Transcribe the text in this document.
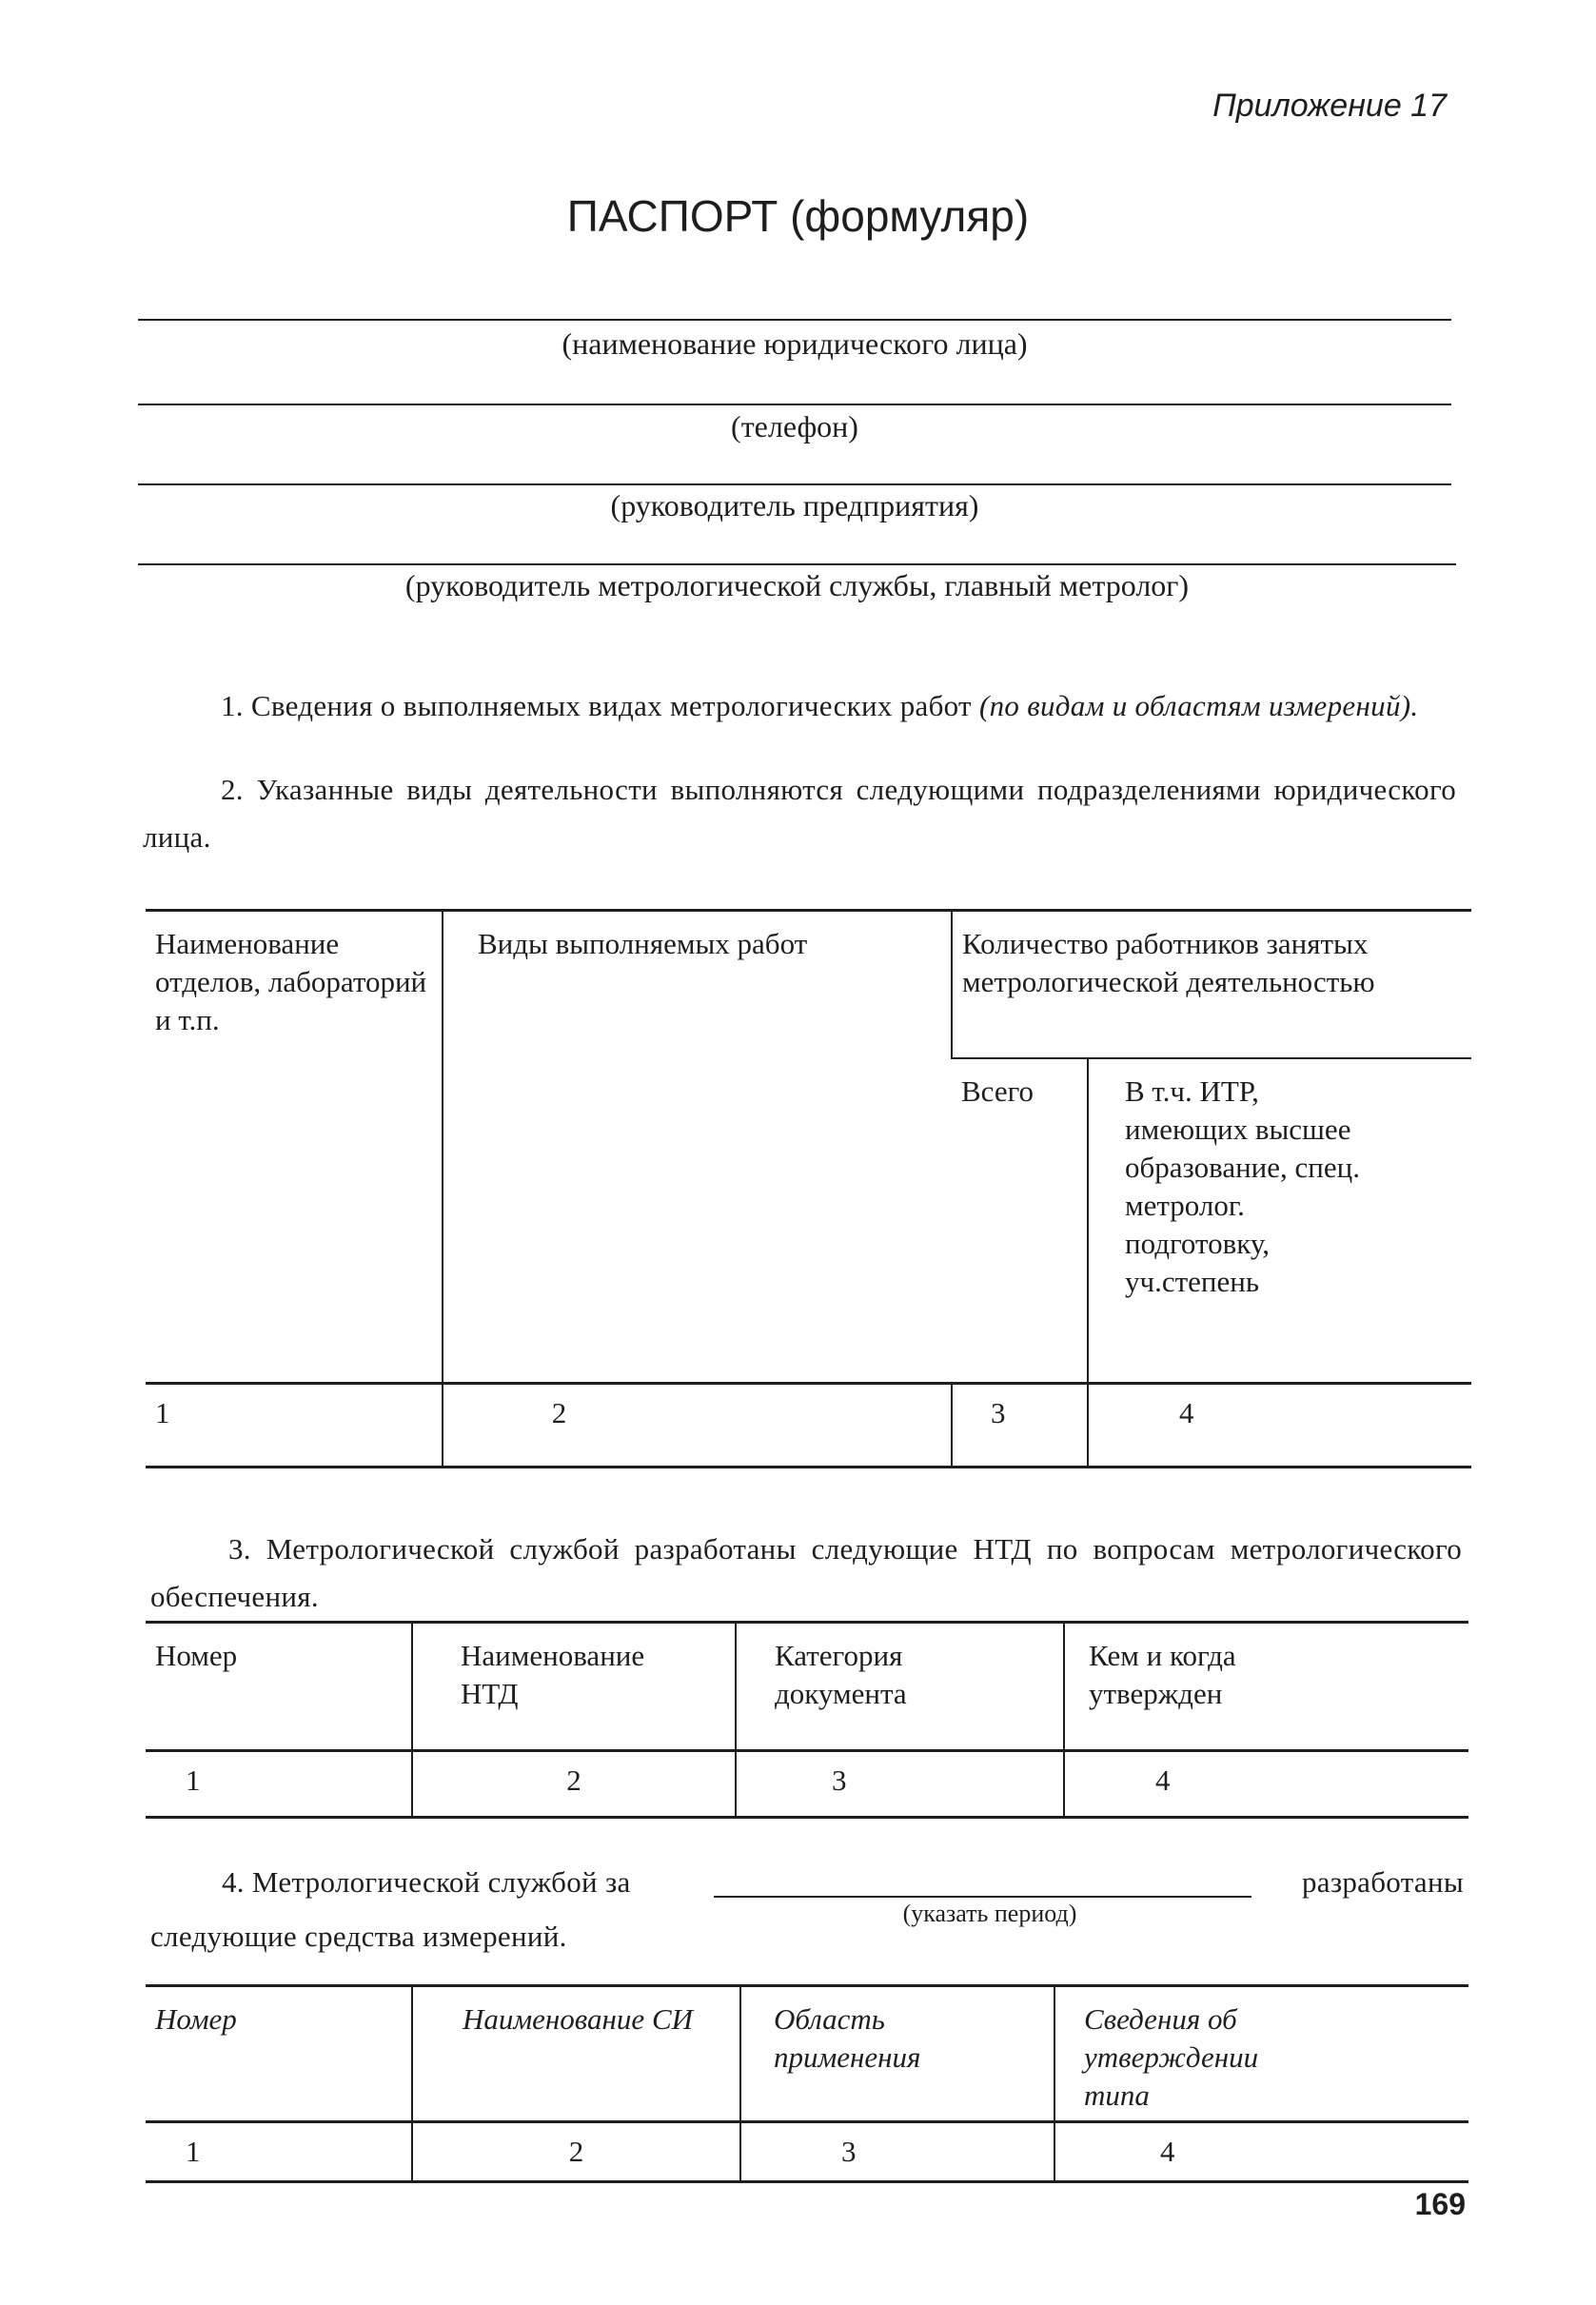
Приложение 17
ПАСПОРТ (формуляр)
(наименование юридического лица)
(телефон)
(руководитель предприятия)
(руководитель метрологической службы, главный метролог)
1. Сведения о выполняемых видах метрологических работ (по видам и областям измерений).
2. Указанные виды деятельности выполняются следующими подразделениями юридического лица.
Наименование отделов, лабораторий и т.п.	Виды выполняемых работ	Количество работников занятых метрологической деятельностью	
		Всего	В т.ч. ИТР, имеющих высшее образование, спец. метролог. подготовку, уч.степень
1	2	3	4
3. Метрологической службой разработаны следующие НТД по вопросам метрологического обеспечения.
Номер	Наименование НТД	Категория документа	Кем и когда утвержден
1	2	3	4
4. Метрологической службой за	разработаны
(указать период)
следующие средства измерений.
Номер	Наименование СИ	Область применения	Сведения об утверждении типа
1	2	3	4
169
